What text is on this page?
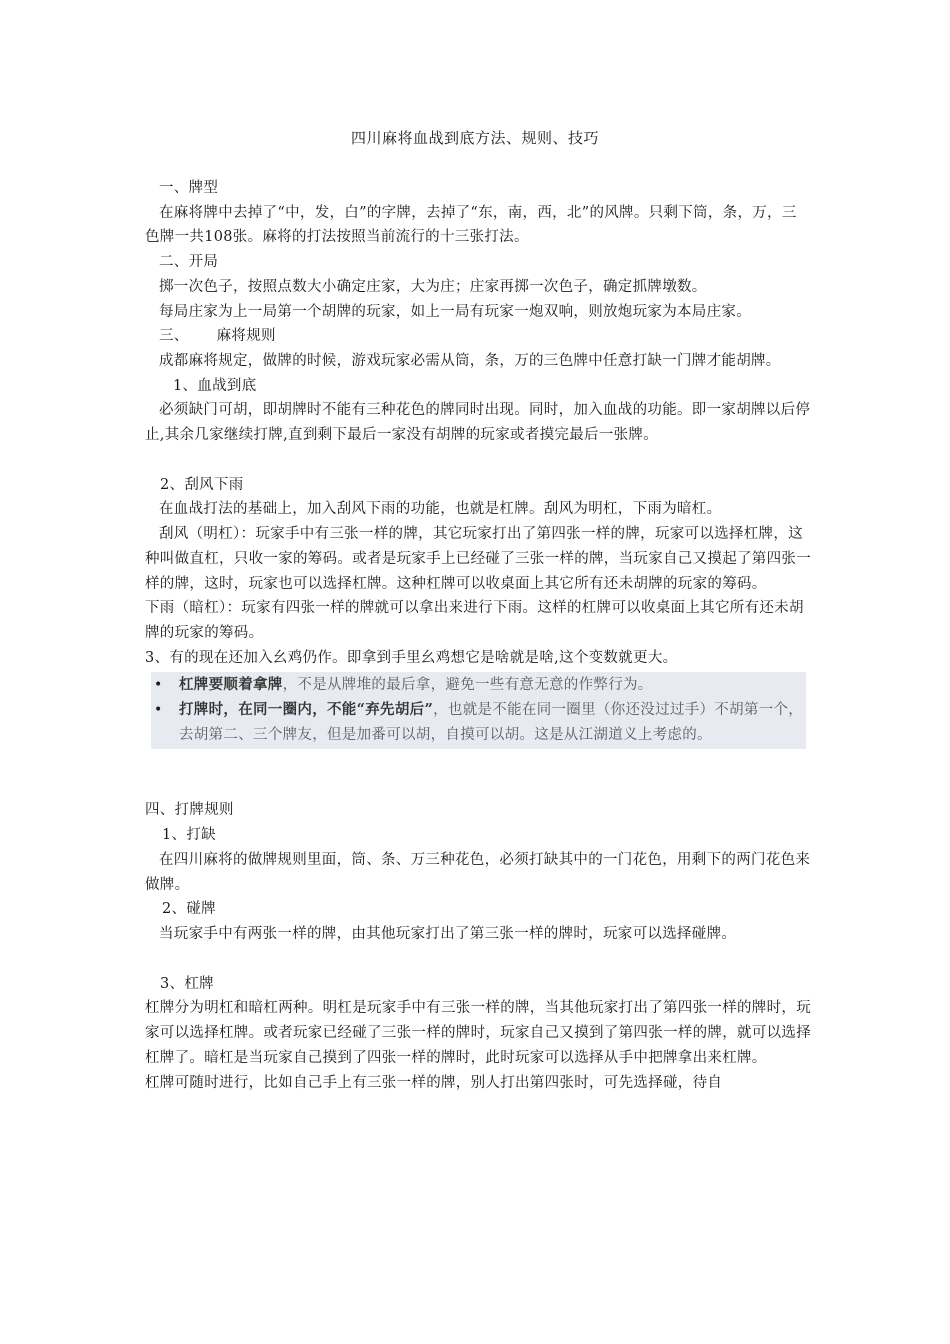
四川麻将血战到底方法、规则、技巧

一、牌型

在麻将牌中去掉了“中，发，白”的字牌，去掉了“东，南，西，北”的风牌。只剩下筒，条，万，三色牌一共108张。麻将的打法按照当前流行的十三张打法。

二、开局

掷一次色子，按照点数大小确定庄家，大为庄；庄家再掷一次色子，确定抓牌墩数。

每局庄家为上一局第一个胡牌的玩家，如上一局有玩家一炮双响，则放炮玩家为本局庄家。

三、 麻将规则

成都麻将规定，做牌的时候，游戏玩家必需从筒，条，万的三色牌中任意打缺一门牌才能胡牌。

1、血战到底

必须缺门可胡，即胡牌时不能有三种花色的牌同时出现。同时，加入血战的功能。即一家胡牌以后停止,其余几家继续打牌,直到剩下最后一家没有胡牌的玩家或者摸完最后一张牌。

2、刮风下雨

在血战打法的基础上，加入刮风下雨的功能，也就是杠牌。刮风为明杠，下雨为暗杠。

刮风（明杠）：玩家手中有三张一样的牌，其它玩家打出了第四张一样的牌，玩家可以选择杠牌，这种叫做直杠，只收一家的筹码。或者是玩家手上已经碰了三张一样的牌，当玩家自己又摸起了第四张一样的牌，这时，玩家也可以选择杠牌。这种杠牌可以收桌面上其它所有还未胡牌的玩家的筹码。

下雨（暗杠）：玩家有四张一样的牌就可以拿出来进行下雨。这样的杠牌可以收桌面上其它所有还未胡牌的玩家的筹码。

3、有的现在还加入幺鸡仍作。即拿到手里幺鸡想它是啥就是啥,这个变数就更大。

• 杠牌要顺着拿牌，不是从牌堆的最后拿，避免一些有意无意的作弊行为。
• 打牌时，在同一圈内，不能“弃先胡后”，也就是不能在同一圈里（你还没过过手）不胡第一个，去胡第二、三个牌友，但是加番可以胡，自摸可以胡。这是从江湖道义上考虑的。

四、打牌规则

1、打缺

在四川麻将的做牌规则里面，筒、条、万三种花色，必须打缺其中的一门花色，用剩下的两门花色来做牌。

2、碰牌

当玩家手中有两张一样的牌，由其他玩家打出了第三张一样的牌时，玩家可以选择碰牌。

3、杠牌

杠牌分为明杠和暗杠两种。明杠是玩家手中有三张一样的牌，当其他玩家打出了第四张一样的牌时，玩家可以选择杠牌。或者玩家已经碰了三张一样的牌时，玩家自己又摸到了第四张一样的牌，就可以选择杠牌了。暗杠是当玩家自己摸到了四张一样的牌时，此时玩家可以选择从手中把牌拿出来杠牌。

杠牌可随时进行，比如自己手上有三张一样的牌，别人打出第四张时，可先选择碰，待自
